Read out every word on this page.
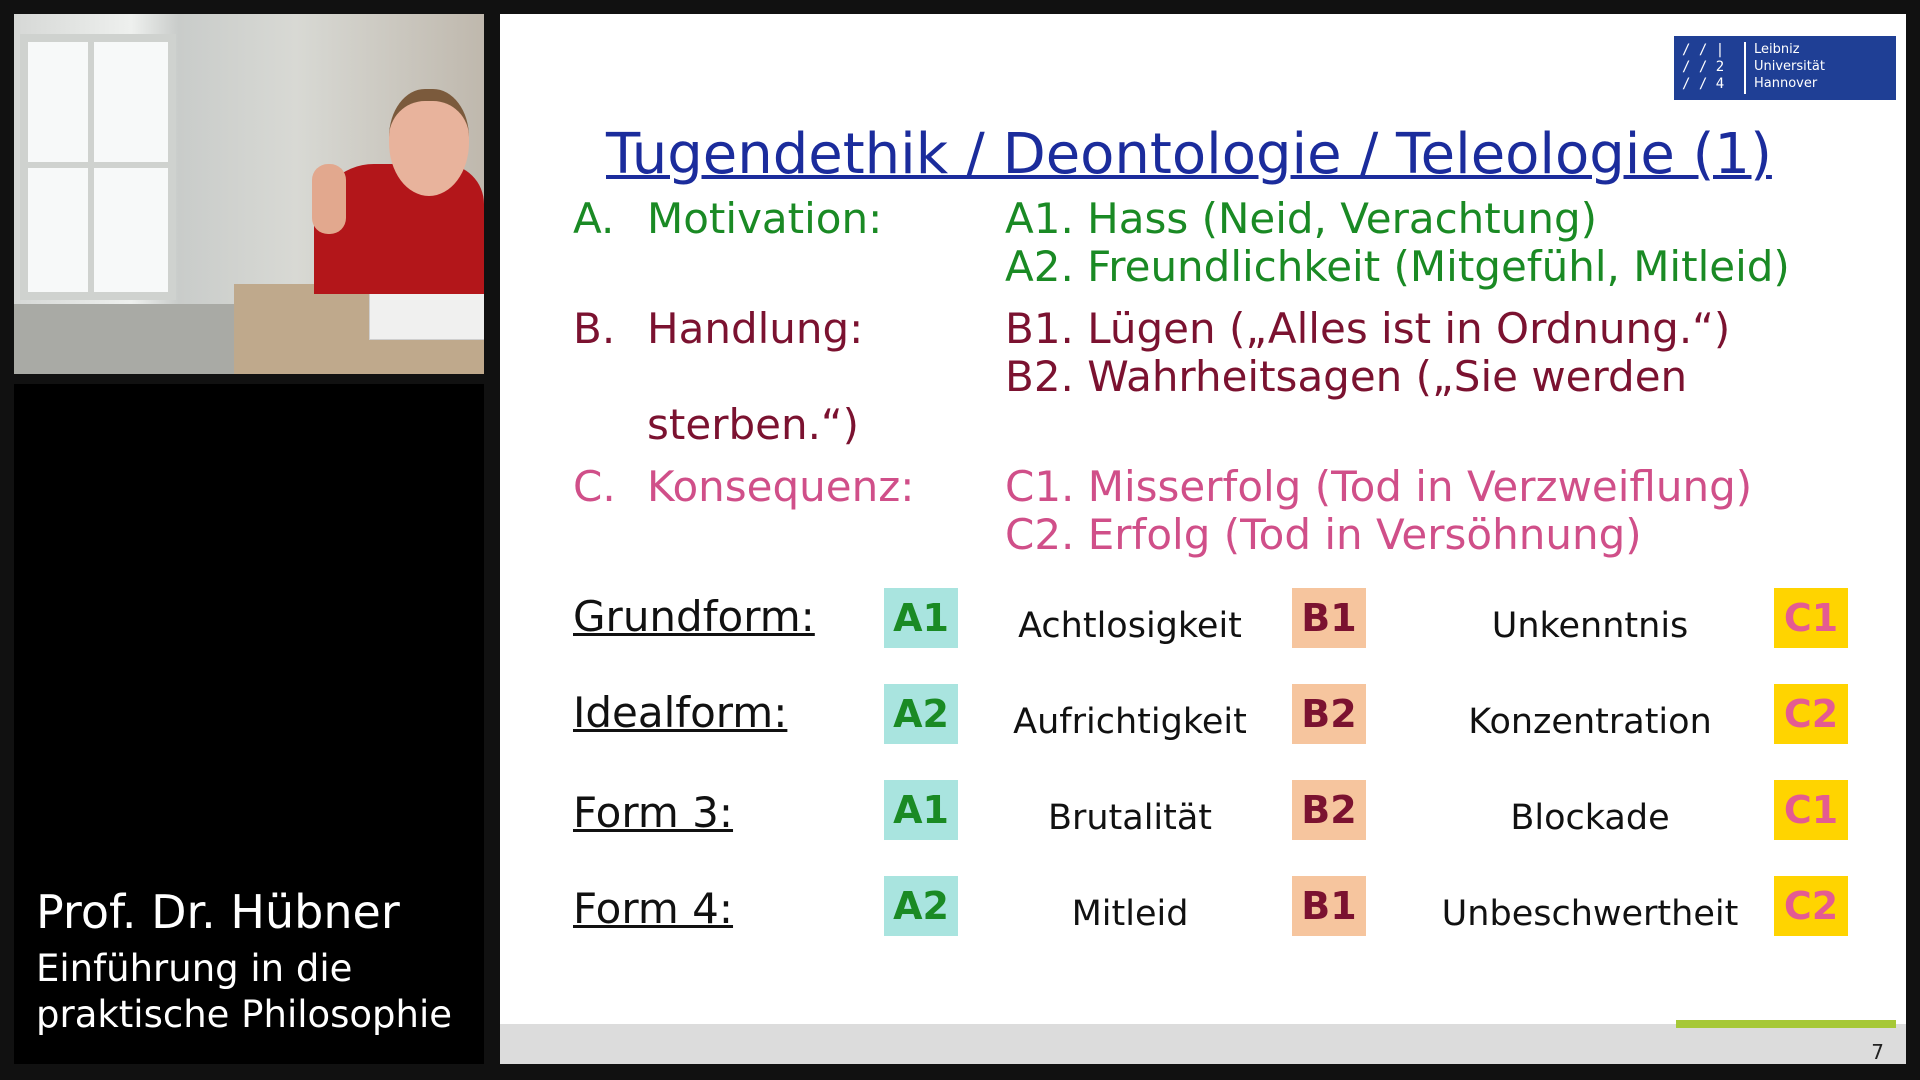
Prof. Dr. Hübner
Einführung in die
praktische Philosophie
/ / |
/ / 2
/ / 4
Leibniz
Universität
Hannover
Tugendethik / Deontologie / Teleologie (1)
A. Motivation:	A1. Hass (Neid, Verachtung)
A2. Freundlichkeit (Mitgefühl, Mitleid)
B. Handlung:	B1. Lügen („Alles ist in Ordnung.“)
B2. Wahrheitsagen („Sie werden
sterben.“)
C. Konsequenz: C1. Misserfolg (Tod in Verzweiflung)
C2. Erfolg (Tod in Versöhnung)
Grundform: A1	Achtlosigkeit	B1	Unkenntnis	C1
Idealform:	A2	Aufrichtigkeit	B2	Konzentration	C2
Form 3:	A1	Brutalität	B2	Blockade	C1
Form 4:	A2	Mitleid	B1	Unbeschwertheit	C2
7
